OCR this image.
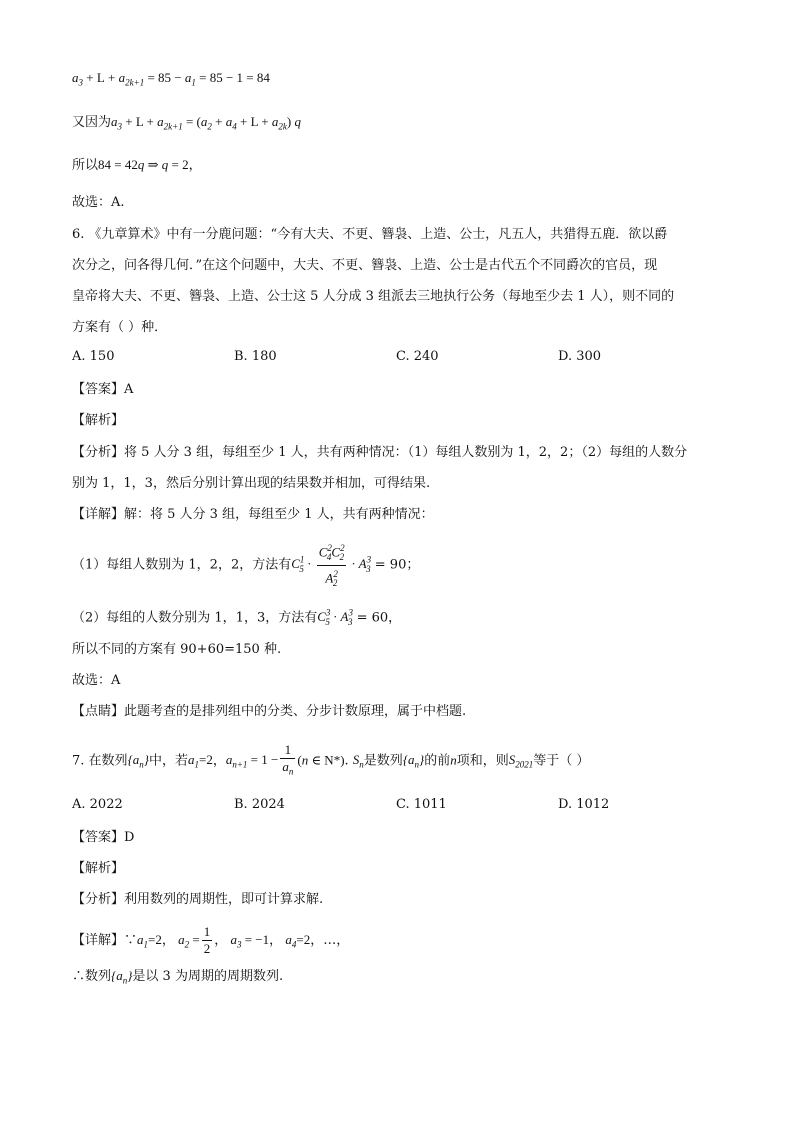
$a_3 + L + a_{2k+1} = 85 - a_1 = 85 - 1 = 84$
又因为$a_3 + L + a_{2k+1} = (a_2 + a_4 + L + a_{2k})$ q
所以84 = 42q ⇒ q = 2，
故选：A.
6. 《九章算术》中有一分鹿问题：“今有大夫、不更、簪袅、上造、公士，凡五人，共猎得五鹿．欲以爵
次分之，问各得几何．”在这个问题中，大夫、不更、簪袅、上造、公士是古代五个不同爵次的官员，现
皇帝将大夫、不更、簪袅、上造、公士这 5 人分成 3 组派去三地执行公务（每地至少去 1 人），则不同的
方案有（ ）种．
A. 150	B. 180	C. 240	D. 300
【答案】A
【解析】
【分析】将 5 人分 3 组，每组至少 1 人，共有两种情况：（1）每组人数别为 1，2，2；（2）每组的人数分
别为 1，1，3，然后分别计算出现的结果数并相加，可得结果.
【详解】解：将 5 人分 3 组，每组至少 1 人，共有两种情况：
（1）每组人数别为 1，2，2，方法有$C^1_5 \cdot \frac{C^2_4C^2_2}{A^2_2} \cdot A^3_3 = 90$；
（2）每组的人数分别为 1，1，3，方法有$C^3_5 \cdot A^3_3 = 60$，
所以不同的方案有 90+60=150 种.
故选：A
【点睛】此题考查的是排列组中的分类、分步计数原理，属于中档题.
7. 在数列$\{a_n\}$中，若$a_1=2$，$a_{n+1} = 1 - \frac{1}{a_n} (n$ ∈ N*). $S_n$是数列$\{a_n\}$的前n项和，则$S_{2021}$等于（ ）
A. 2022	B. 2024	C. 1011	D. 1012
【答案】D
【解析】
【分析】利用数列的周期性，即可计算求解.
【详解】$\because a_1=2$， $a_2 = \frac{1}{2}$ ， $a_3 = -1$， $a_4=2$，…，
∴数列$\{a_n\}$是以 3 为周期的周期数列.
